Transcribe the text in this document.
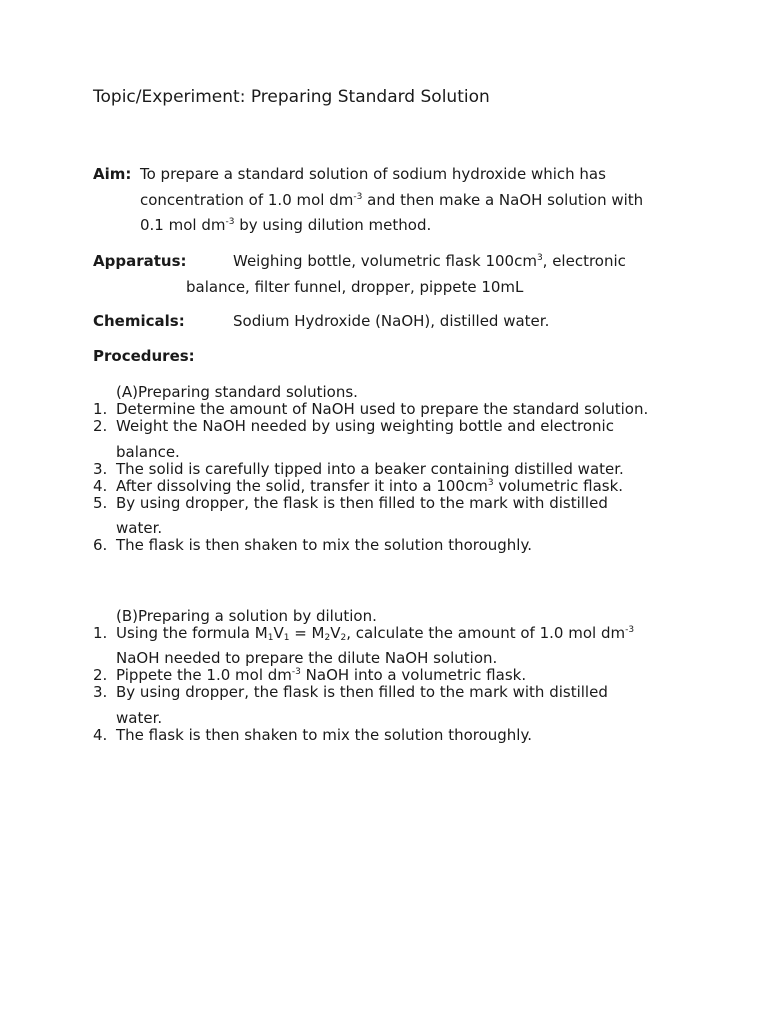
Topic/Experiment: Preparing Standard Solution
Aim: To prepare a standard solution of sodium hydroxide which has
concentration of 1.0 mol $dm^{-3}$ and then make a NaOH solution with
0.1 mol $dm^{-3}$ by using dilution method.
Apparatus:	Weighing bottle, volumetric flask $100cm^3$, electronic
balance, filter funnel, dropper, pippete 10mL
Chemicals:	Sodium Hydroxide (NaOH), distilled water.
Procedures:
(A)Preparing standard solutions.
1. Determine the amount of NaOH used to prepare the standard solution.
2. Weight the NaOH needed by using weighting bottle and electronic
balance.
3. The solid is carefully tipped into a beaker containing distilled water.
4. After dissolving the solid, transfer it into a $100cm^3$ volumetric flask.
5. By using dropper, the flask is then filled to the mark with distilled
water.
6. The flask is then shaken to mix the solution thoroughly.
(B)Preparing a solution by dilution.
1. Using the formula $M_1V_1 = M_2V_2$, calculate the amount of 1.0 mol $dm^{-3}$
NaOH needed to prepare the dilute NaOH solution.
2. Pippete the 1.0 mol $dm^{-3}$ NaOH into a volumetric flask.
3. By using dropper, the flask is then filled to the mark with distilled
water.
4. The flask is then shaken to mix the solution thoroughly.
